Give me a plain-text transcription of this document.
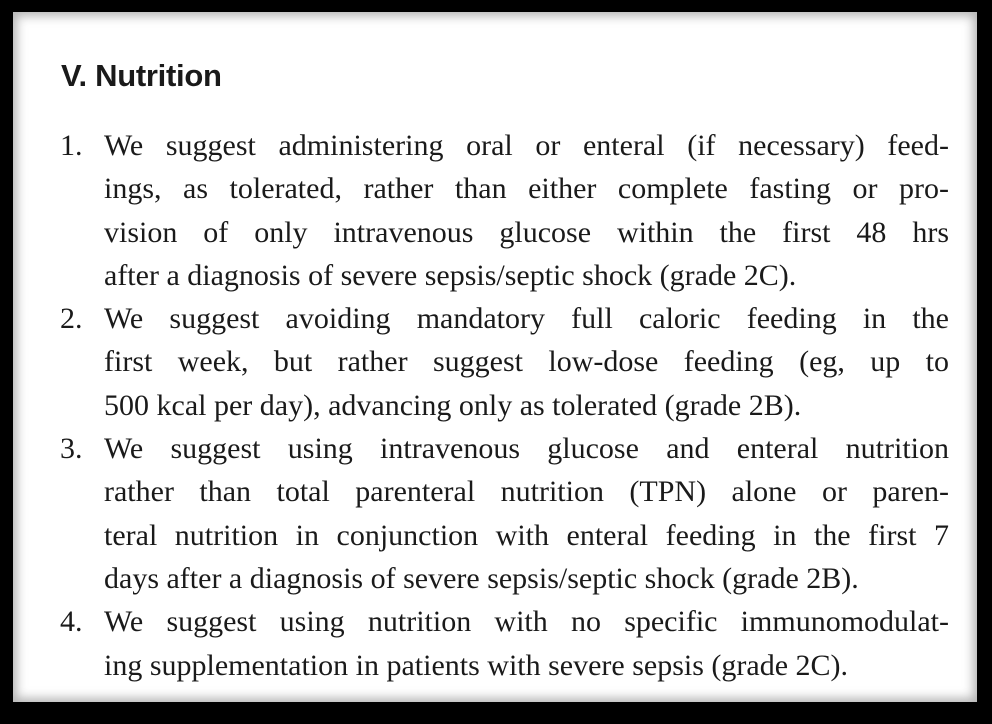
V. Nutrition
1. We suggest administering oral or enteral (if necessary) feed-
ings, as tolerated, rather than either complete fasting or pro-
vision of only intravenous glucose within the first 48 hrs
after a diagnosis of severe sepsis/septic shock (grade 2C).
2. We suggest avoiding mandatory full caloric feeding in the
first week, but rather suggest low-dose feeding (eg, up to
500 kcal per day), advancing only as tolerated (grade 2B).
3. We suggest using intravenous glucose and enteral nutrition
rather than total parenteral nutrition (TPN) alone or paren-
teral nutrition in conjunction with enteral feeding in the first 7
days after a diagnosis of severe sepsis/septic shock (grade 2B).
4. We suggest using nutrition with no specific immunomodulat-
ing supplementation in patients with severe sepsis (grade 2C).
